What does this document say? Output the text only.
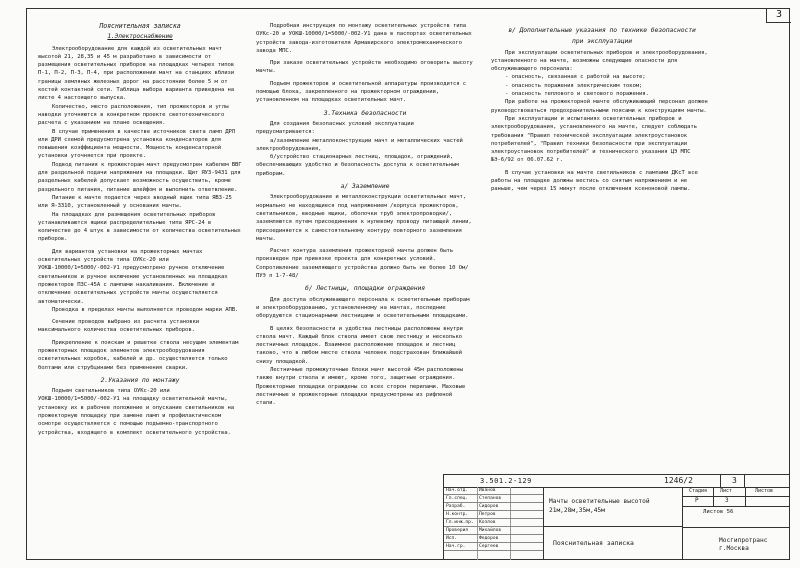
3

Пояснительная записка

1.Электроснабжение

Электрооборудование для каждой из осветительных мачт высотой 21, 28,35 и 45 м разработано в зависимости от размещения осветительных приборов на площадках четырех типов П-1, П-2, П-3, П-4, при расположении мачт на станциях вблизи границы земляных железных дорог на расстоянии более 5 м от костей контактной сети. Таблица выбора варианта приведена на листе 4 настоящего выпуска.

Количество, место расположения, тип прожекторов и углы наводки уточняются в конкретном проекте светотехнического расчета с указанием на плане освещения.

В случае применения в качестве источников света ламп ДРЛ или ДРИ схемой предусмотрена установка конденсаторов для повышения коэффициента мощности. Мощность конденсаторной установки уточняется при проекте.

Подвод питания к прожекторам мачт предусмотрен кабелем ВВГ для раздельной подачи напряжения на площадки. Щит ЯУЗ-9431 для раздельных кабелей допускает возможность осуществить, кроме раздельного питания, питание шлейфом и выполнить ответвление.

Питание к мачте подается через вводный ящик типа ЯВЗ-25 или Я-3310, установленный у основания мачты.

На площадках для размещения осветительных приборов устанавливаются ящики распределительные типа ЯРС-24 в количестве до 4 штук в зависимости от количества осветительных приборов.

Для вариантов установки на прожекторных мачтах осветительных устройств типа ОУКс-20 или УОКШ-10000/1=5000/-002-У1 предусмотрено ручное отключение светильников и ручное включение установленных на площадках прожекторов ПЗС-45А с лампами накаливания. Включение и отключение осветительных устройств мачты осуществляется автоматически.

Проводка в пределах мачты выполняется проводом марки АПВ.

Сечение проводов выбрано из расчета установки максимального количества осветительных приборов.

Прикрепление к пояскам и решетке ствола несущим элементам прожекторных площадок элементов электрооборудования осветительных коробок, кабелей и др. осуществляется только болтами или струбцинами без применения сварки.

2.Указания по монтажу

Подъем светильников типа ОУКс-20 или УОКШ-10000/1=5000/-002-У1 на площадку осветительной мачты, установку их в рабочее положение и опускание светильников на прожекторную площадку при замене ламп и профилактическом осмотре осуществляется с помощью подъемно-транспортного устройства, входящего в комплект осветительного устройства.

Подробная инструкция по монтажу осветительных устройств типа ОУКс-20 и УОКШ-10000/1=5000/-002-У1 дана в паспортах осветительных устройств завода-изготовителя Армавирского электромеханического завода МПС.

При заказе осветительных устройств необходимо оговорить высоту мачты.

Подъем прожекторов и осветительной аппаратуры производится с помощью блока, закрепленного на прожекторном ограждении, установленном на площадках осветительных мачт.

3.Техника безопасности

Для создания безопасных условий эксплуатации предусматривается:

а/заземление металлоконструкции мачт и металлических частей электрооборудования,

б/устройство стационарных лестниц, площадок, ограждений, обеспечивающих удобство и безопасность доступа к осветительным приборам.

а/ Заземление

Электрооборудование и металлоконструкции осветительных мачт, нормально не находящиеся под напряжением /корпуса прожекторов, светильников, вводные ящики, оболочки труб электропроводки/, заземляются путем присоединения к нулевому проводу питающей линии, присоединяется к самостоятельному контуру повторного заземления мачты.

Расчет контура заземления прожекторной мачты должен быть произведен при привязке проекта для конкретных условий. Сопротивление заземляющего устройства должно быть не более 10 Ом/ ПУЭ п 1-7-48/

б/ Лестницы, площадки ограждения

Для доступа обслуживающего персонала к осветительным приборам и электрооборудованию, установленному на мачтах, последние оборудуются стационарными лестницами и осветительными площадками.

В целях безопасности и удобства лестницы расположены внутри ствола мачт. Каждый блок ствола имеет свою лестницу и несколько лестничных площадок. Взаимное расположение площадок и лестниц таково, что в любом месте ствола человек подстрахован ближайшей снизу площадкой.

Лестничные промежуточные блоки мачт высотой 45м расположены также внутри ствола и имеют, кроме того, защитные ограждения. Прожекторные площадки ограждены со всех сторон перилами. Маховые лестничные и прожекторные площадки предусмотрены из рифленой стали.

в/ Дополнительные указания по технике безопасности

при эксплуатации

При эксплуатации осветительных приборов и электрооборудования, установленного на мачте, возможны следующие опасности для обслуживающего персонала:

- опасность, связанная с работой на высоте;

- опасность поражения электрическим током;

- опасность теплового и светового поражения.

При работе на прожекторной мачте обслуживающий персонал должен руководствоваться предохранительными поясами к конструкциям мачты.

При эксплуатации и испытаниях осветительных приборов и электрооборудования, установленного на мачте, следует соблюдать требования "Правил технической эксплуатации электроустановок потребителей", "Правил техники безопасности при эксплуатации электроустановок потребителей" и технического указания ЦЭ МПС №Э-6/92 от 06.07.62 г.

В случае установки на мачте светильников с лампами ДКсТ все работы на площадке должны вестись со снятым напряжением и не раньше, чем через 15 минут после отключения ксеноновой лампы.

3.501.2-129	1246/2	3
Нач.отд. Иванов
Гл.спец. Степанов
Разраб.	Сидоров
Н.контр. Петров
Гл.инж.пр. Козлов
Проверил Михайлов
Исп.	Федоров
Нач.гр.	Сергеев
Мачты осветительные высотой 21м,28м,35м,45м
Пояснительная записка
Стадия	Лист	Листов
Р	3
Листов 56
Мосгипротранс г.Москва
